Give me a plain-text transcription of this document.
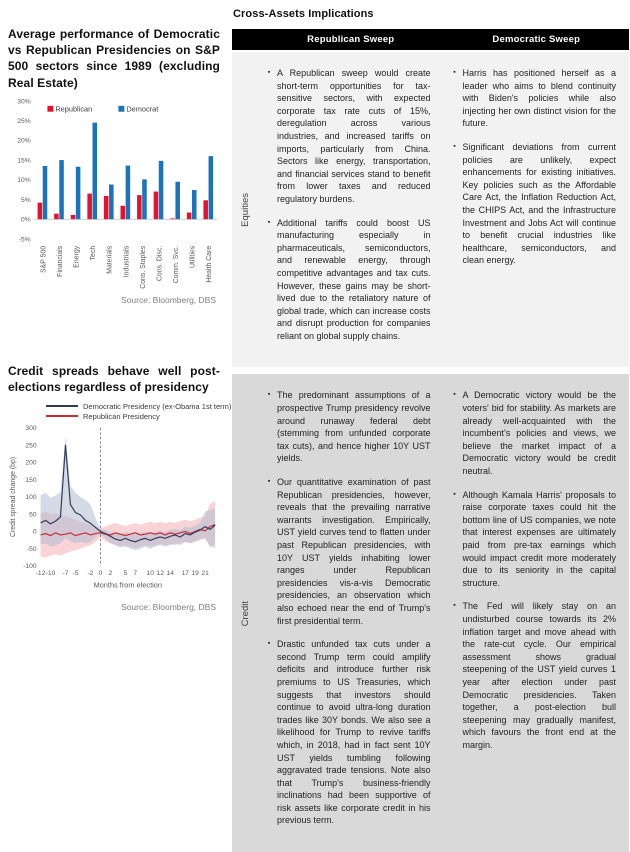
Average performance of Democratic vs Republican Presidencies on S&P 500 sectors since 1989 (excluding Real Estate)
30%
25%
20%
15%
10%
5%
0%
-5%
S&P 500 Financials Energy Tech Materials Industrials Cons. Staples Cons. Disc. Comm. Svc. Utilities Health Care
Republican	Democrat
Source: Bloomberg, DBS
Credit spreads behave well post-elections regardless of presidency
Democratic Presidency (ex-Obama 1st term)
Republican Presidency
300
250
200
150
100
50
0
-50
-100
-12 -10 -7 -5 -2 0 2 5 7 10 12 14 17 19 21
Months from election
Credit spread change (bp)
Source: Bloomberg, DBS
Cross-Assets Implications
Republican Sweep	Democratic Sweep
Equities
▪ A Republican sweep would create short-term opportunities for tax-sensitive sectors, with expected corporate tax rate cuts of 15%, deregulation across various industries, and increased tariffs on imports, particularly from China. Sectors like energy, transportation, and financial services stand to benefit from lower taxes and reduced regulatory burdens.
▪ Additional tariffs could boost US manufacturing especially in pharmaceuticals, semiconductors, and renewable energy, through competitive advantages and tax cuts. However, these gains may be short-lived due to the retaliatory nature of global trade, which can increase costs and disrupt production for companies reliant on global supply chains.
▪ Harris has positioned herself as a leader who aims to blend continuity with Biden's policies while also injecting her own distinct vision for the future.
▪ Significant deviations from current policies are unlikely, expect enhancements for existing initiatives. Key policies such as the Affordable Care Act, the Inflation Reduction Act, the CHIPS Act, and the Infrastructure Investment and Jobs Act will continue to benefit crucial industries like healthcare, semiconductors, and clean energy.
Credit
▪ The predominant assumptions of a prospective Trump presidency revolve around runaway federal debt (stemming from unfunded corporate tax cuts), and hence higher 10Y UST yields.
▪ Our quantitative examination of past Republican presidencies, however, reveals that the prevailing narrative warrants investigation. Empirically, UST yield curves tend to flatten under past Republican presidencies, with 10Y UST yields inhabiting lower ranges under Republican presidencies vis-a-vis Democratic presidencies, an observation which also echoed near the end of Trump's first presidential term.
▪ Drastic unfunded tax cuts under a second Trump term could amplify deficits and introduce further risk premiums to US Treasuries, which suggests that investors should continue to avoid ultra-long duration trades like 30Y bonds. We also see a likelihood for Trump to revive tariffs which, in 2018, had in fact sent 10Y UST yields tumbling following aggravated trade tensions. Note also that Trump's business-friendly inclinations had been supportive of risk assets like corporate credit in his previous term.
▪ A Democratic victory would be the voters' bid for stability. As markets are already well-acquainted with the incumbent's policies and views, we believe the market impact of a Democratic victory would be credit neutral.
▪ Although Kamala Harris' proposals to raise corporate taxes could hit the bottom line of US companies, we note that interest expenses are ultimately paid from pre-tax earnings which would impact credit more moderately due to its seniority in the capital structure.
▪ The Fed will likely stay on an undisturbed course towards its 2% inflation target and move ahead with the rate-cut cycle. Our empirical assessment shows gradual steepening of the UST yield curves 1 year after election under past Democratic presidencies. Taken together, a post-election bull steepening may gradually manifest, which favours the front end at the margin.
